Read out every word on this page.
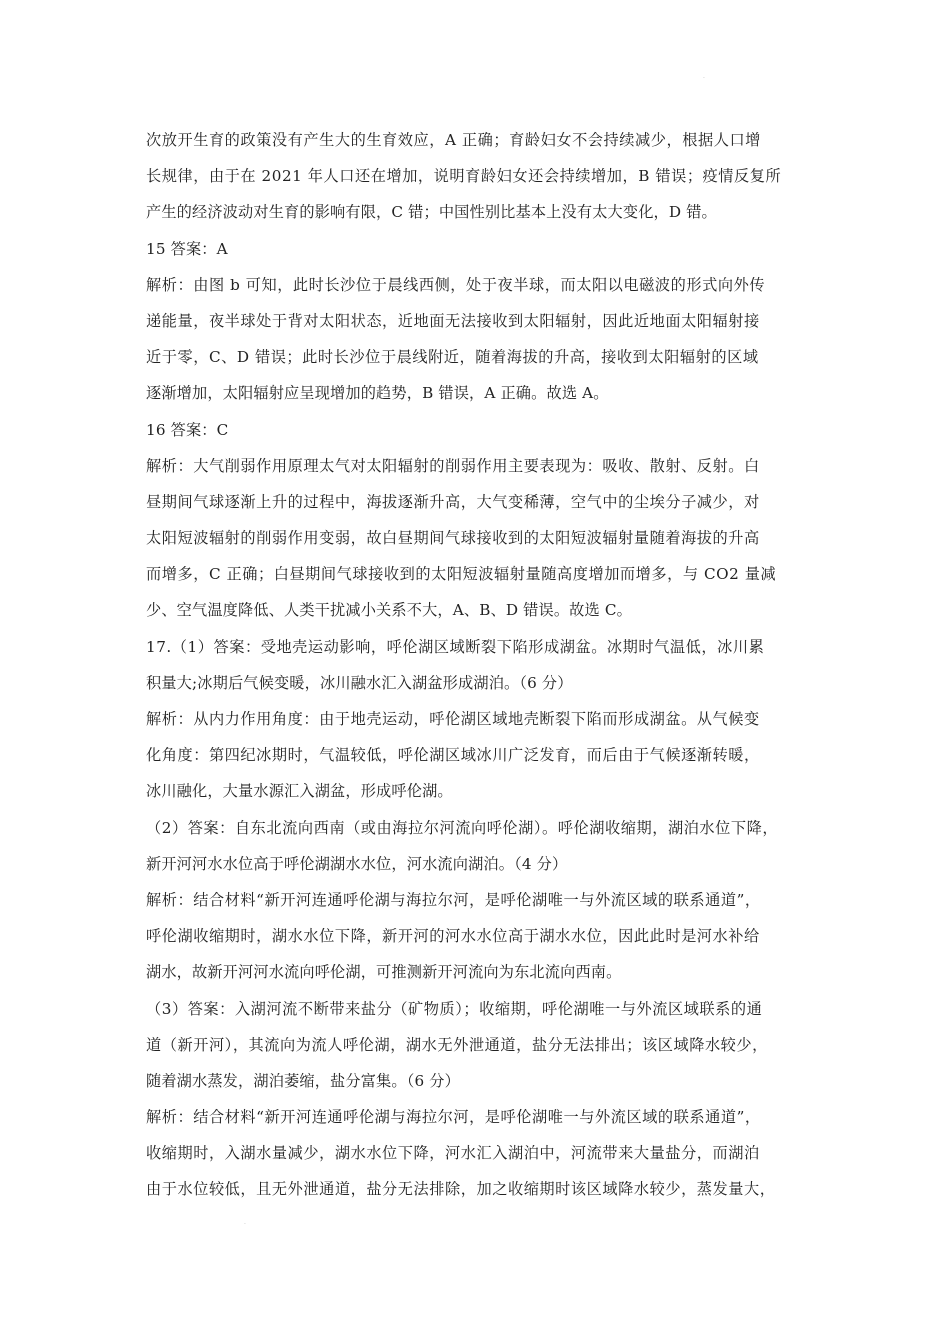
·
次放开生育的政策没有产生大的生育效应，A 正确；育龄妇女不会持续减少，根据人口增
长规律，由于在 2021 年人口还在增加，说明育龄妇女还会持续增加，B 错误；疫情反复所
产生的经济波动对生育的影响有限，C 错；中国性别比基本上没有太大变化，D 错。
15 答案：A
解析：由图 b 可知，此时长沙位于晨线西侧，处于夜半球，而太阳以电磁波的形式向外传
递能量，夜半球处于背对太阳状态，近地面无法接收到太阳辐射，因此近地面太阳辐射接
近于零，C、D 错误；此时长沙位于晨线附近，随着海拔的升高，接收到太阳辐射的区域
逐渐增加，太阳辐射应呈现增加的趋势，B 错误，A 正确。故选 A。
16 答案：C
解析：大气削弱作用原理太气对太阳辐射的削弱作用主要表现为：吸收、散射、反射。白
昼期间气球逐渐上升的过程中，海拔逐渐升高，大气变稀薄，空气中的尘埃分子减少，对
太阳短波辐射的削弱作用变弱，故白昼期间气球接收到的太阳短波辐射量随着海拔的升高
而增多，C 正确；白昼期间气球接收到的太阳短波辐射量随高度增加而增多，与 CO2 量减
少、空气温度降低、人类干扰减小关系不大，A、B、D 错误。故选 C。
17.（1）答案：受地壳运动影响，呼伦湖区域断裂下陷形成湖盆。冰期时气温低，冰川累
积量大;冰期后气候变暖，冰川融水汇入湖盆形成湖泊。（6 分）
解析：从内力作用角度：由于地壳运动，呼伦湖区域地壳断裂下陷而形成湖盆。从气候变
化角度：第四纪冰期时，气温较低，呼伦湖区域冰川广泛发育，而后由于气候逐渐转暖，
冰川融化，大量水源汇入湖盆，形成呼伦湖。
（2）答案：自东北流向西南（或由海拉尔河流向呼伦湖）。呼伦湖收缩期，湖泊水位下降，
新开河河水水位高于呼伦湖湖水水位，河水流向湖泊。（4 分）
解析：结合材料“新开河连通呼伦湖与海拉尔河，是呼伦湖唯一与外流区域的联系通道”，
呼伦湖收缩期时，湖水水位下降，新开河的河水水位高于湖水水位，因此此时是河水补给
湖水，故新开河河水流向呼伦湖，可推测新开河流向为东北流向西南。
（3）答案：入湖河流不断带来盐分（矿物质）；收缩期，呼伦湖唯一与外流区域联系的通
道（新开河），其流向为流人呼伦湖，湖水无外泄通道，盐分无法排出；该区域降水较少，
随着湖水蒸发，湖泊萎缩，盐分富集。（6 分）
解析：结合材料“新开河连通呼伦湖与海拉尔河，是呼伦湖唯一与外流区域的联系通道”，
收缩期时，入湖水量减少，湖水水位下降，河水汇入湖泊中，河流带来大量盐分，而湖泊
由于水位较低，且无外泄通道，盐分无法排除，加之收缩期时该区域降水较少，蒸发量大，
·
